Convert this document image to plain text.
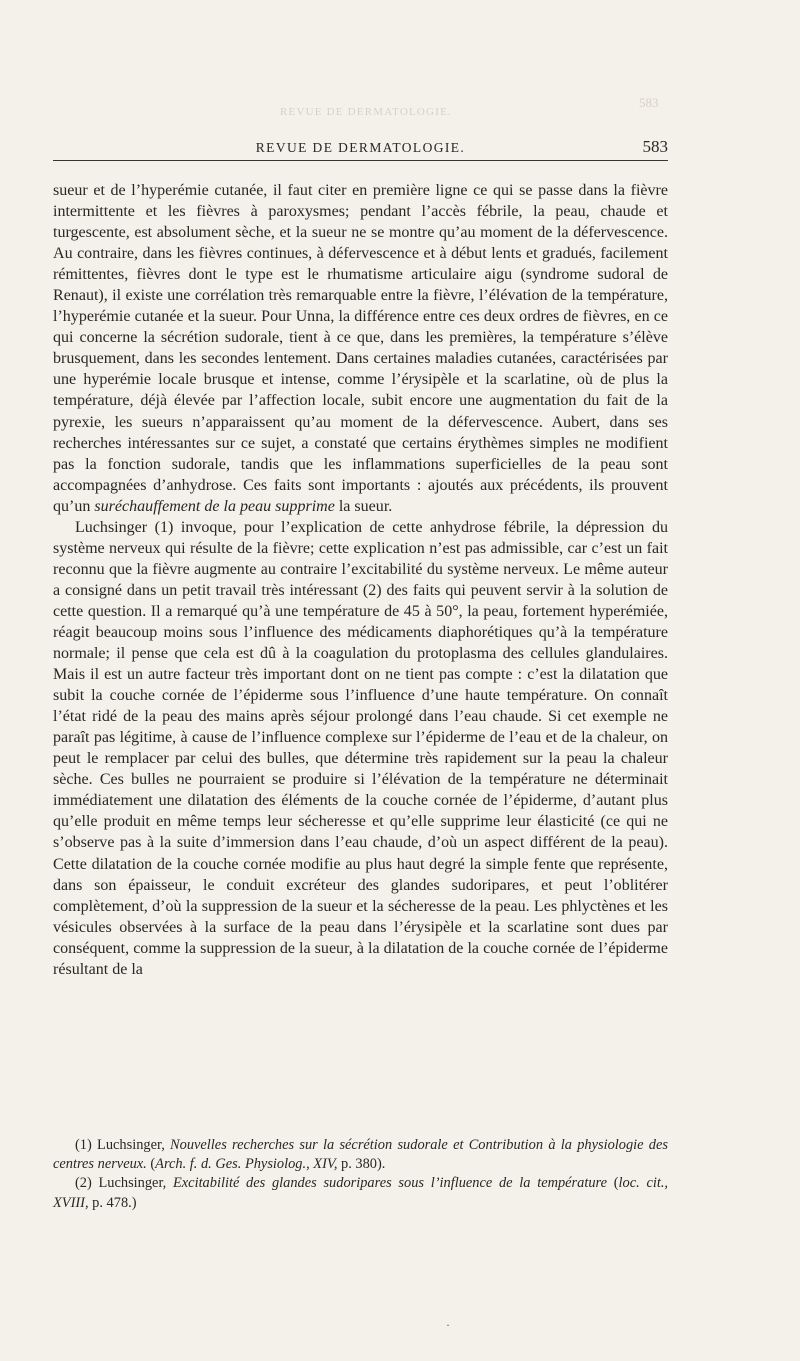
REVUE DE DERMATOLOGIE.
583
REVUE DE DERMATOLOGIE.	583

sueur et de l’hyperémie cutanée, il faut citer en première ligne ce qui se passe dans la fièvre intermittente et les fièvres à paroxysmes; pendant l’accès fébrile, la peau, chaude et turgescente, est absolument sèche, et la sueur ne se montre qu’au moment de la défervescence. Au contraire, dans les fièvres continues, à défervescence et à début lents et gradués, facilement rémittentes, fièvres dont le type est le rhumatisme articulaire aigu (syndrome sudoral de Renaut), il existe une corrélation très remarquable entre la fièvre, l’élévation de la température, l’hyperémie cutanée et la sueur. Pour Unna, la différence entre ces deux ordres de fièvres, en ce qui concerne la sécrétion sudorale, tient à ce que, dans les premières, la température s’élève brusquement, dans les secondes lentement. Dans certaines maladies cutanées, caractérisées par une hyperémie locale brusque et intense, comme l’érysipèle et la scarlatine, où de plus la température, déjà élevée par l’affection locale, subit encore une augmentation du fait de la pyrexie, les sueurs n’apparaissent qu’au moment de la défervescence. Aubert, dans ses recherches intéressantes sur ce sujet, a constaté que certains érythèmes simples ne modifient pas la fonction sudorale, tandis que les inflammations superficielles de la peau sont accompagnées d’anhydrose. Ces faits sont importants : ajoutés aux précédents, ils prouvent qu’un suréchauffement de la peau supprime la sueur.

Luchsinger (1) invoque, pour l’explication de cette anhydrose fébrile, la dépression du système nerveux qui résulte de la fièvre; cette explication n’est pas admissible, car c’est un fait reconnu que la fièvre augmente au contraire l’excitabilité du système nerveux. Le même auteur a consigné dans un petit travail très intéressant (2) des faits qui peuvent servir à la solution de cette question. Il a remarqué qu’à une température de 45 à 50°, la peau, fortement hyperémiée, réagit beaucoup moins sous l’influence des médicaments diaphorétiques qu’à la température normale; il pense que cela est dû à la coagulation du protoplasma des cellules glandulaires. Mais il est un autre facteur très important dont on ne tient pas compte : c’est la dilatation que subit la couche cornée de l’épiderme sous l’influence d’une haute température. On connaît l’état ridé de la peau des mains après séjour prolongé dans l’eau chaude. Si cet exemple ne paraît pas légitime, à cause de l’influence complexe sur l’épiderme de l’eau et de la chaleur, on peut le remplacer par celui des bulles, que détermine très rapidement sur la peau la chaleur sèche. Ces bulles ne pourraient se produire si l’élévation de la température ne déterminait immédiatement une dilatation des éléments de la couche cornée de l’épiderme, d’autant plus qu’elle produit en même temps leur sécheresse et qu’elle supprime leur élasticité (ce qui ne s’observe pas à la suite d’immersion dans l’eau chaude, d’où un aspect différent de la peau). Cette dilatation de la couche cornée modifie au plus haut degré la simple fente que représente, dans son épaisseur, le conduit excréteur des glandes sudoripares, et peut l’oblitérer complètement, d’où la suppression de la sueur et la sécheresse de la peau. Les phlyctènes et les vésicules observées à la surface de la peau dans l’érysipèle et la scarlatine sont dues par conséquent, comme la suppression de la sueur, à la dilatation de la couche cornée de l’épiderme résultant de la

(1) Luchsinger, Nouvelles recherches sur la sécrétion sudorale et Contribution à la physiologie des centres nerveux. (Arch. f. d. Ges. Physiolog., XIV, p. 380).

(2) Luchsinger, Excitabilité des glandes sudoripares sous l’influence de la température (loc. cit., XVIII, p. 478.)

·
